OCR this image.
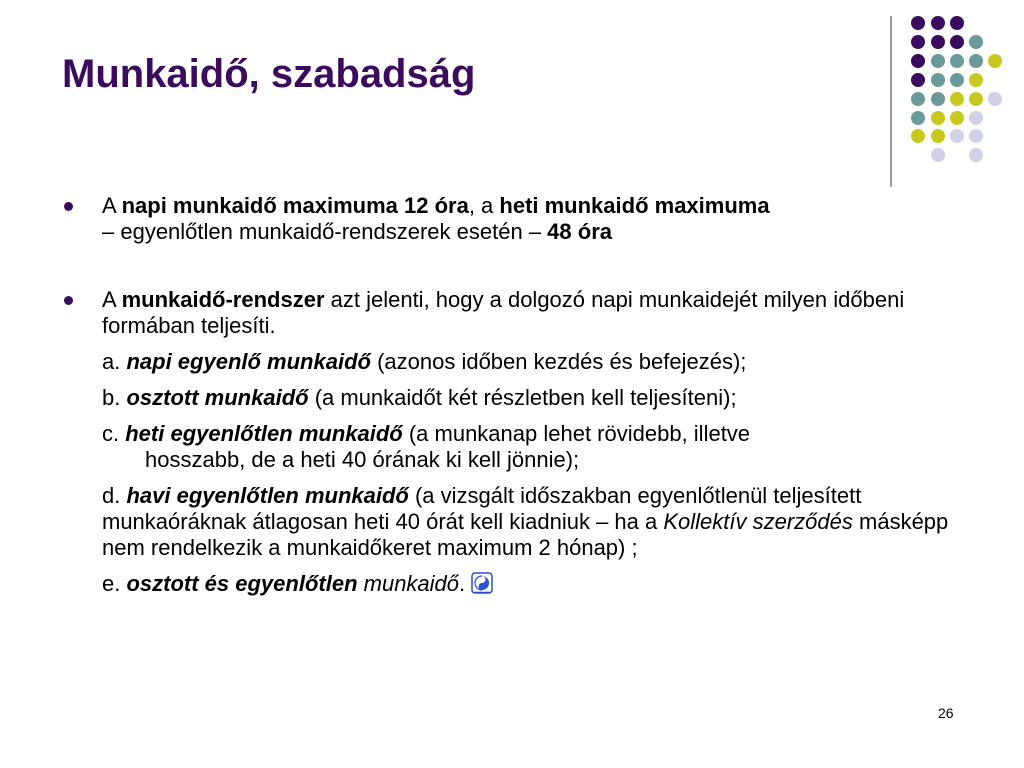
Munkaidő, szabadság
A napi munkaidő maximuma 12 óra, a heti munkaidő maximuma
– egyenlőtlen munkaidő-rendszerek esetén – 48 óra
A munkaidő-rendszer azt jelenti, hogy a dolgozó napi munkaidejét milyen időbeni formában teljesíti.
a. napi egyenlő munkaidő (azonos időben kezdés és befejezés);
b. osztott munkaidő (a munkaidőt két részletben kell teljesíteni);
c. heti egyenlőtlen munkaidő (a munkanap lehet rövidebb, illetve
hosszabb, de a heti 40 órának ki kell jönnie);
d. havi egyenlőtlen munkaidő (a vizsgált időszakban egyenlőtlenül teljesített munkaóráknak átlagosan heti 40 órát kell kiadniuk – ha a Kollektív szerződés másképp nem rendelkezik a munkaidőkeret maximum 2 hónap) ;
e. osztott és egyenlőtlen munkaidő.
26
